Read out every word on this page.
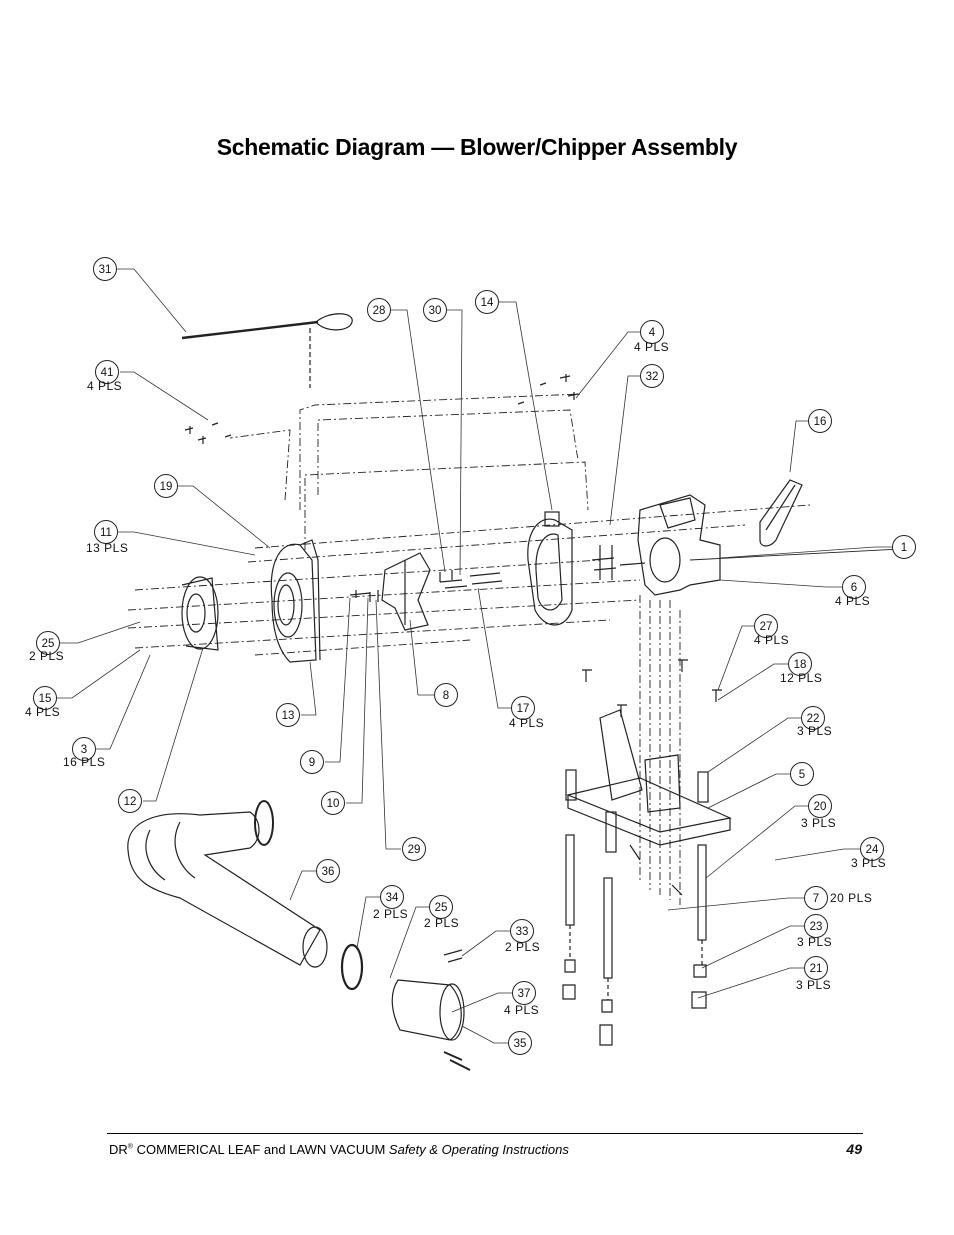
Schematic Diagram — Blower/Chipper Assembly
31
28	30
14
4
4 PLS
32
41
4 PLS
16
19
11
13 PLS	1
6
4 PLS
25
2 PLS
15
4 PLS
3
16 PLS
27
4 PLS
18
12 PLS
8
17
4 PLS
13	22
3 PLS
5
9
20
3 PLS
12	10
29	24
3 PLS
36
34
2 PLS 25
2 PLS
7 20 PLS
33
2 PLS
23
3 PLS
21
3 PLS
37
4 PLS
35
DR® COMMERICAL LEAF and LAWN VACUUM Safety & Operating Instructions	49
